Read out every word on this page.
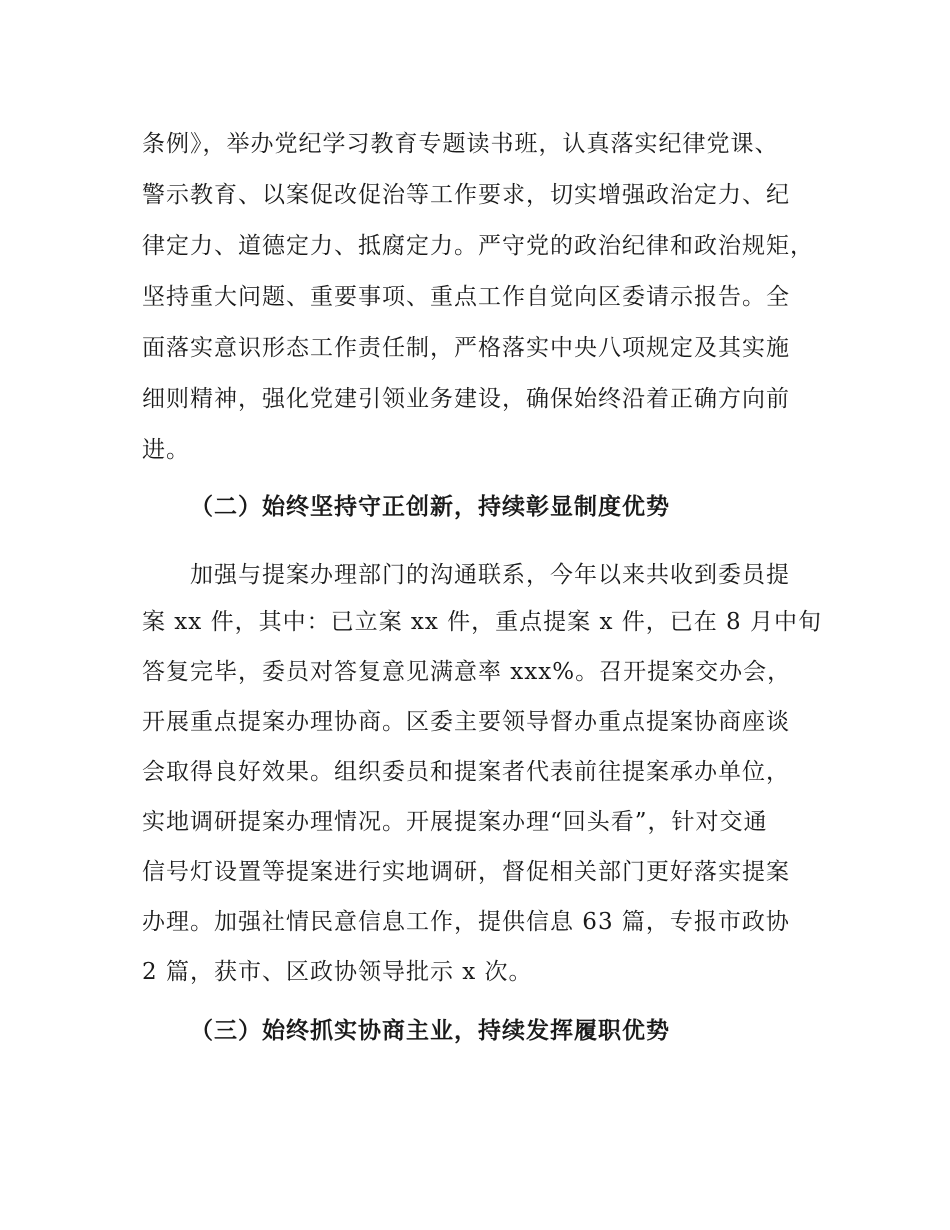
条例》，举办党纪学习教育专题读书班，认真落实纪律党课、
警示教育、以案促改促治等工作要求，切实增强政治定力、纪
律定力、道德定力、抵腐定力。严守党的政治纪律和政治规矩，
坚持重大问题、重要事项、重点工作自觉向区委请示报告。全
面落实意识形态工作责任制，严格落实中央八项规定及其实施
细则精神，强化党建引领业务建设，确保始终沿着正确方向前
进。
（二）始终坚持守正创新，持续彰显制度优势
加强与提案办理部门的沟通联系，今年以来共收到委员提
案 xx 件，其中：已立案 xx 件，重点提案 x 件，已在 8 月中旬
答复完毕，委员对答复意见满意率 xxx%。召开提案交办会，
开展重点提案办理协商。区委主要领导督办重点提案协商座谈
会取得良好效果。组织委员和提案者代表前往提案承办单位，
实地调研提案办理情况。开展提案办理“回头看”，针对交通
信号灯设置等提案进行实地调研，督促相关部门更好落实提案
办理。加强社情民意信息工作，提供信息 63 篇，专报市政协
2 篇，获市、区政协领导批示 x 次。
（三）始终抓实协商主业，持续发挥履职优势
